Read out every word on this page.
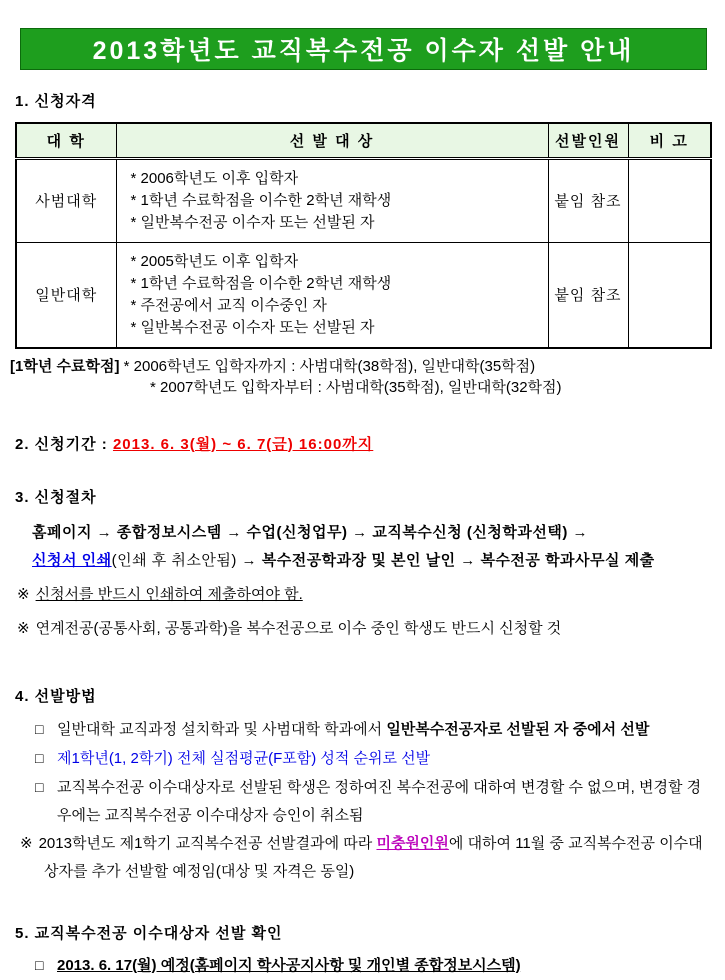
2013학년도 교직복수전공 이수자 선발 안내
1. 신청자격
대 학	선 발 대 상	선발인원	비 고
사범대학	* 2006학년도 이후 입학자
* 1학년 수료학점을 이수한 2학년 재학생
* 일반복수전공 이수자 또는 선발된 자	붙임 참조	
일반대학	* 2005학년도 이후 입학자
* 1학년 수료학점을 이수한 2학년 재학생
* 주전공에서 교직 이수중인 자
* 일반복수전공 이수자 또는 선발된 자	붙임 참조	
[1학년 수료학점] * 2006학년도 입학자까지 : 사범대학(38학점), 일반대학(35학점)
* 2007학년도 입학자부터 : 사범대학(35학점), 일반대학(32학점)
2. 신청기간 : 2013. 6. 3(월) ~ 6. 7(금) 16:00까지
3. 신청절차
홈페이지 → 종합정보시스템 → 수업(신청업무) → 교직복수신청 (신청학과선택) →
신청서 인쇄(인쇄 후 취소안됨) → 복수전공학과장 및 본인 날인 → 복수전공 학과사무실 제출
※ 신청서를 반드시 인쇄하여 제출하여야 함.
※ 연계전공(공통사회, 공통과학)을 복수전공으로 이수 중인 학생도 반드시 신청할 것
4. 선발방법
□ 일반대학 교직과정 설치학과 및 사범대학 학과에서 일반복수전공자로 선발된 자 중에서 선발
□ 제1학년(1, 2학기) 전체 실점평균(F포함) 성적 순위로 선발
□ 교직복수전공 이수대상자로 선발된 학생은 정하여진 복수전공에 대하여 변경할 수 없으며, 변경할 경우에는 교직복수전공 이수대상자 승인이 취소됨
※ 2013학년도 제1학기 교직복수전공 선발결과에 따라 미충원인원에 대하여 11월 중 교직복수전공 이수대상자를 추가 선발할 예정임(대상 및 자격은 동일)
5. 교직복수전공 이수대상자 선발 확인
□ 2013. 6. 17(월) 예정(홈페이지 학사공지사항 및 개인별 종합정보시스템)
